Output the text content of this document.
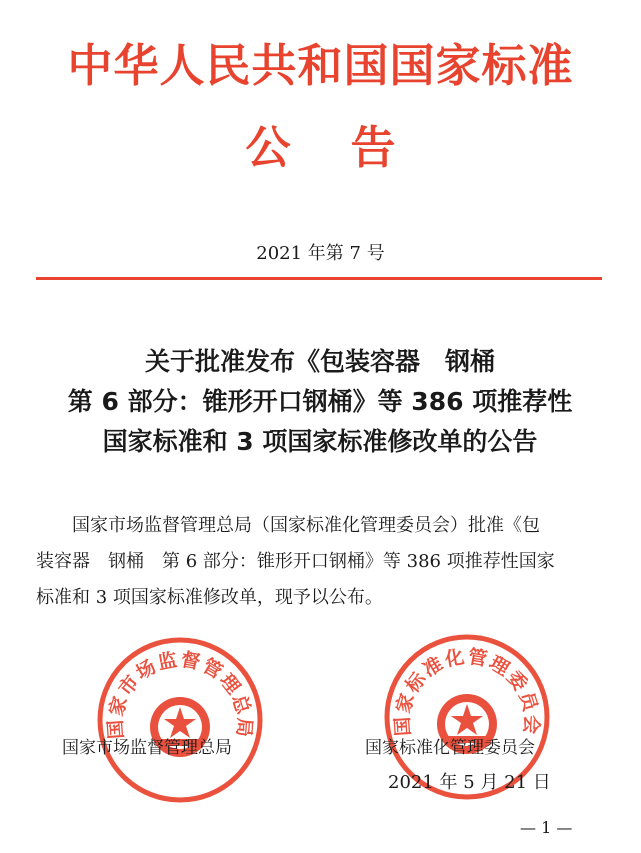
中华人民共和国国家标准
公 告
2021 年第 7 号
关于批准发布《包装容器　钢桶
第 6 部分：锥形开口钢桶》等 386 项推荐性
国家标准和 3 项国家标准修改单的公告
国家市场监督管理总局（国家标准化管理委员会）批准《包
装容器　钢桶　第 6 部分：锥形开口钢桶》等 386 项推荐性国家
标准和 3 项国家标准修改单，现予以公布。
国家市场监督管理总局	国家标准化管理委员会
国家市场监督管理总局	国家标准化管理委员会
2021 年 5 月 21 日
— 1 —
